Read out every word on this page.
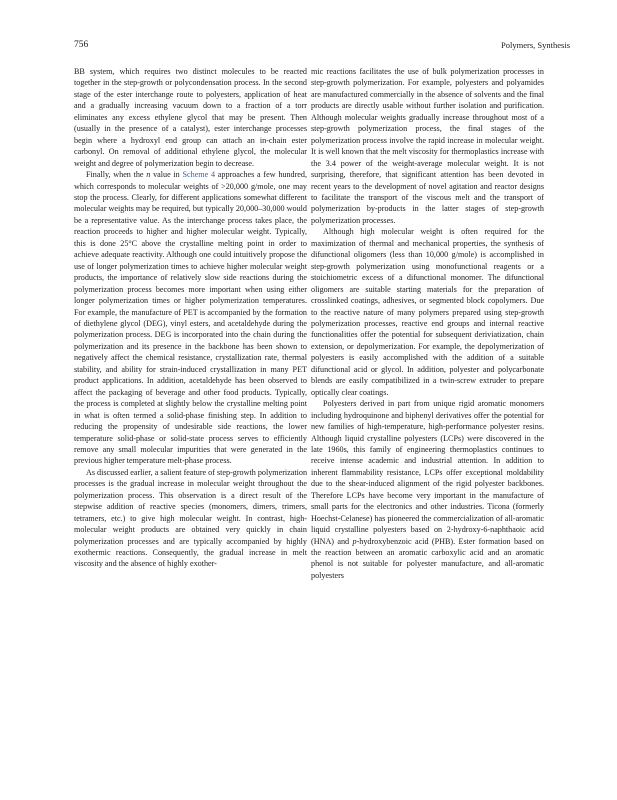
756	Polymers, Synthesis

BB system, which requires two distinct molecules to be reacted together in the step-growth or polycondensation process. In the second stage of the ester interchange route to polyesters, application of heat and a gradually increasing vacuum down to a fraction of a torr eliminates any excess ethylene glycol that may be present. Then (usually in the presence of a catalyst), ester interchange processes begin where a hydroxyl end group can attach an in-chain ester carbonyl. On removal of additional ethylene glycol, the molecular weight and degree of polymerization begin to decrease.

Finally, when the n value in Scheme 4 approaches a few hundred, which corresponds to molecular weights of >20,000 g/mole, one may stop the process. Clearly, for different applications somewhat different molecular weights may be required, but typically 20,000–30,000 would be a representative value. As the interchange process takes place, the reaction proceeds to higher and higher molecular weight. Typically, this is done 25°C above the crystalline melting point in order to achieve adequate reactivity. Although one could intuitively propose the use of longer polymerization times to achieve higher molecular weight products, the importance of relatively slow side reactions during the polymerization process becomes more important when using either longer polymerization times or higher polymerization temperatures. For example, the manufacture of PET is accompanied by the formation of diethylene glycol (DEG), vinyl esters, and acetaldehyde during the polymerization process. DEG is incorporated into the chain during the polymerization and its presence in the backbone has been shown to negatively affect the chemical resistance, crystallization rate, thermal stability, and ability for strain-induced crystallization in many PET product applications. In addition, acetaldehyde has been observed to affect the packaging of beverage and other food products. Typically, the process is completed at slightly below the crystalline melting point in what is often termed a solid-phase finishing step. In addition to reducing the propensity of undesirable side reactions, the lower temperature solid-phase or solid-state process serves to efficiently remove any small molecular impurities that were generated in the previous higher temperature melt-phase process.

As discussed earlier, a salient feature of step-growth polymerization processes is the gradual increase in molecular weight throughout the polymerization process. This observation is a direct result of the stepwise addition of reactive species (monomers, dimers, trimers, tetramers, etc.) to give high molecular weight. In contrast, high-molecular weight products are obtained very quickly in chain polymerization processes and are typically accompanied by highly exothermic reactions. Consequently, the gradual increase in melt viscosity and the absence of highly exother-

mic reactions facilitates the use of bulk polymerization processes in step-growth polymerization. For example, polyesters and polyamides are manufactured commercially in the absence of solvents and the final products are directly usable without further isolation and purification. Although molecular weights gradually increase throughout most of a step-growth polymerization process, the final stages of the polymerization process involve the rapid increase in molecular weight. It is well known that the melt viscosity for thermoplastics increase with the 3.4 power of the weight-average molecular weight. It is not surprising, therefore, that significant attention has been devoted in recent years to the development of novel agitation and reactor designs to facilitate the transport of the viscous melt and the transport of polymerization by-products in the latter stages of step-growth polymerization processes.

Although high molecular weight is often required for the maximization of thermal and mechanical properties, the synthesis of difunctional oligomers (less than 10,000 g/mole) is accomplished in step-growth polymerization using monofunctional reagents or a stoichiometric excess of a difunctional monomer. The difunctional oligomers are suitable starting materials for the preparation of crosslinked coatings, adhesives, or segmented block copolymers. Due to the reactive nature of many polymers prepared using step-growth polymerization processes, reactive end groups and internal reactive functionalities offer the potential for subsequent deriviatization, chain extension, or depolymerization. For example, the depolymerization of polyesters is easily accomplished with the addition of a suitable difunctional acid or glycol. In addition, polyester and polycarbonate blends are easily compatibilized in a twin-screw extruder to prepare optically clear coatings.

Polyesters derived in part from unique rigid aromatic monomers including hydroquinone and biphenyl derivatives offer the potential for new families of high-temperature, high-performance polyester resins. Although liquid crystalline polyesters (LCPs) were discovered in the late 1960s, this family of engineering thermoplastics continues to receive intense academic and industrial attention. In addition to inherent flammability resistance, LCPs offer exceptional moldability due to the shear-induced alignment of the rigid polyester backbones. Therefore LCPs have become very important in the manufacture of small parts for the electronics and other industries. Ticona (formerly Hoechst-Celanese) has pioneered the commercialization of all-aromatic liquid crystalline polyesters based on 2-hydroxy-6-naphthaoic acid (HNA) and p-hydroxybenzoic acid (PHB). Ester formation based on the reaction between an aromatic carboxylic acid and an aromatic phenol is not suitable for polyester manufacture, and all-aromatic polyesters
